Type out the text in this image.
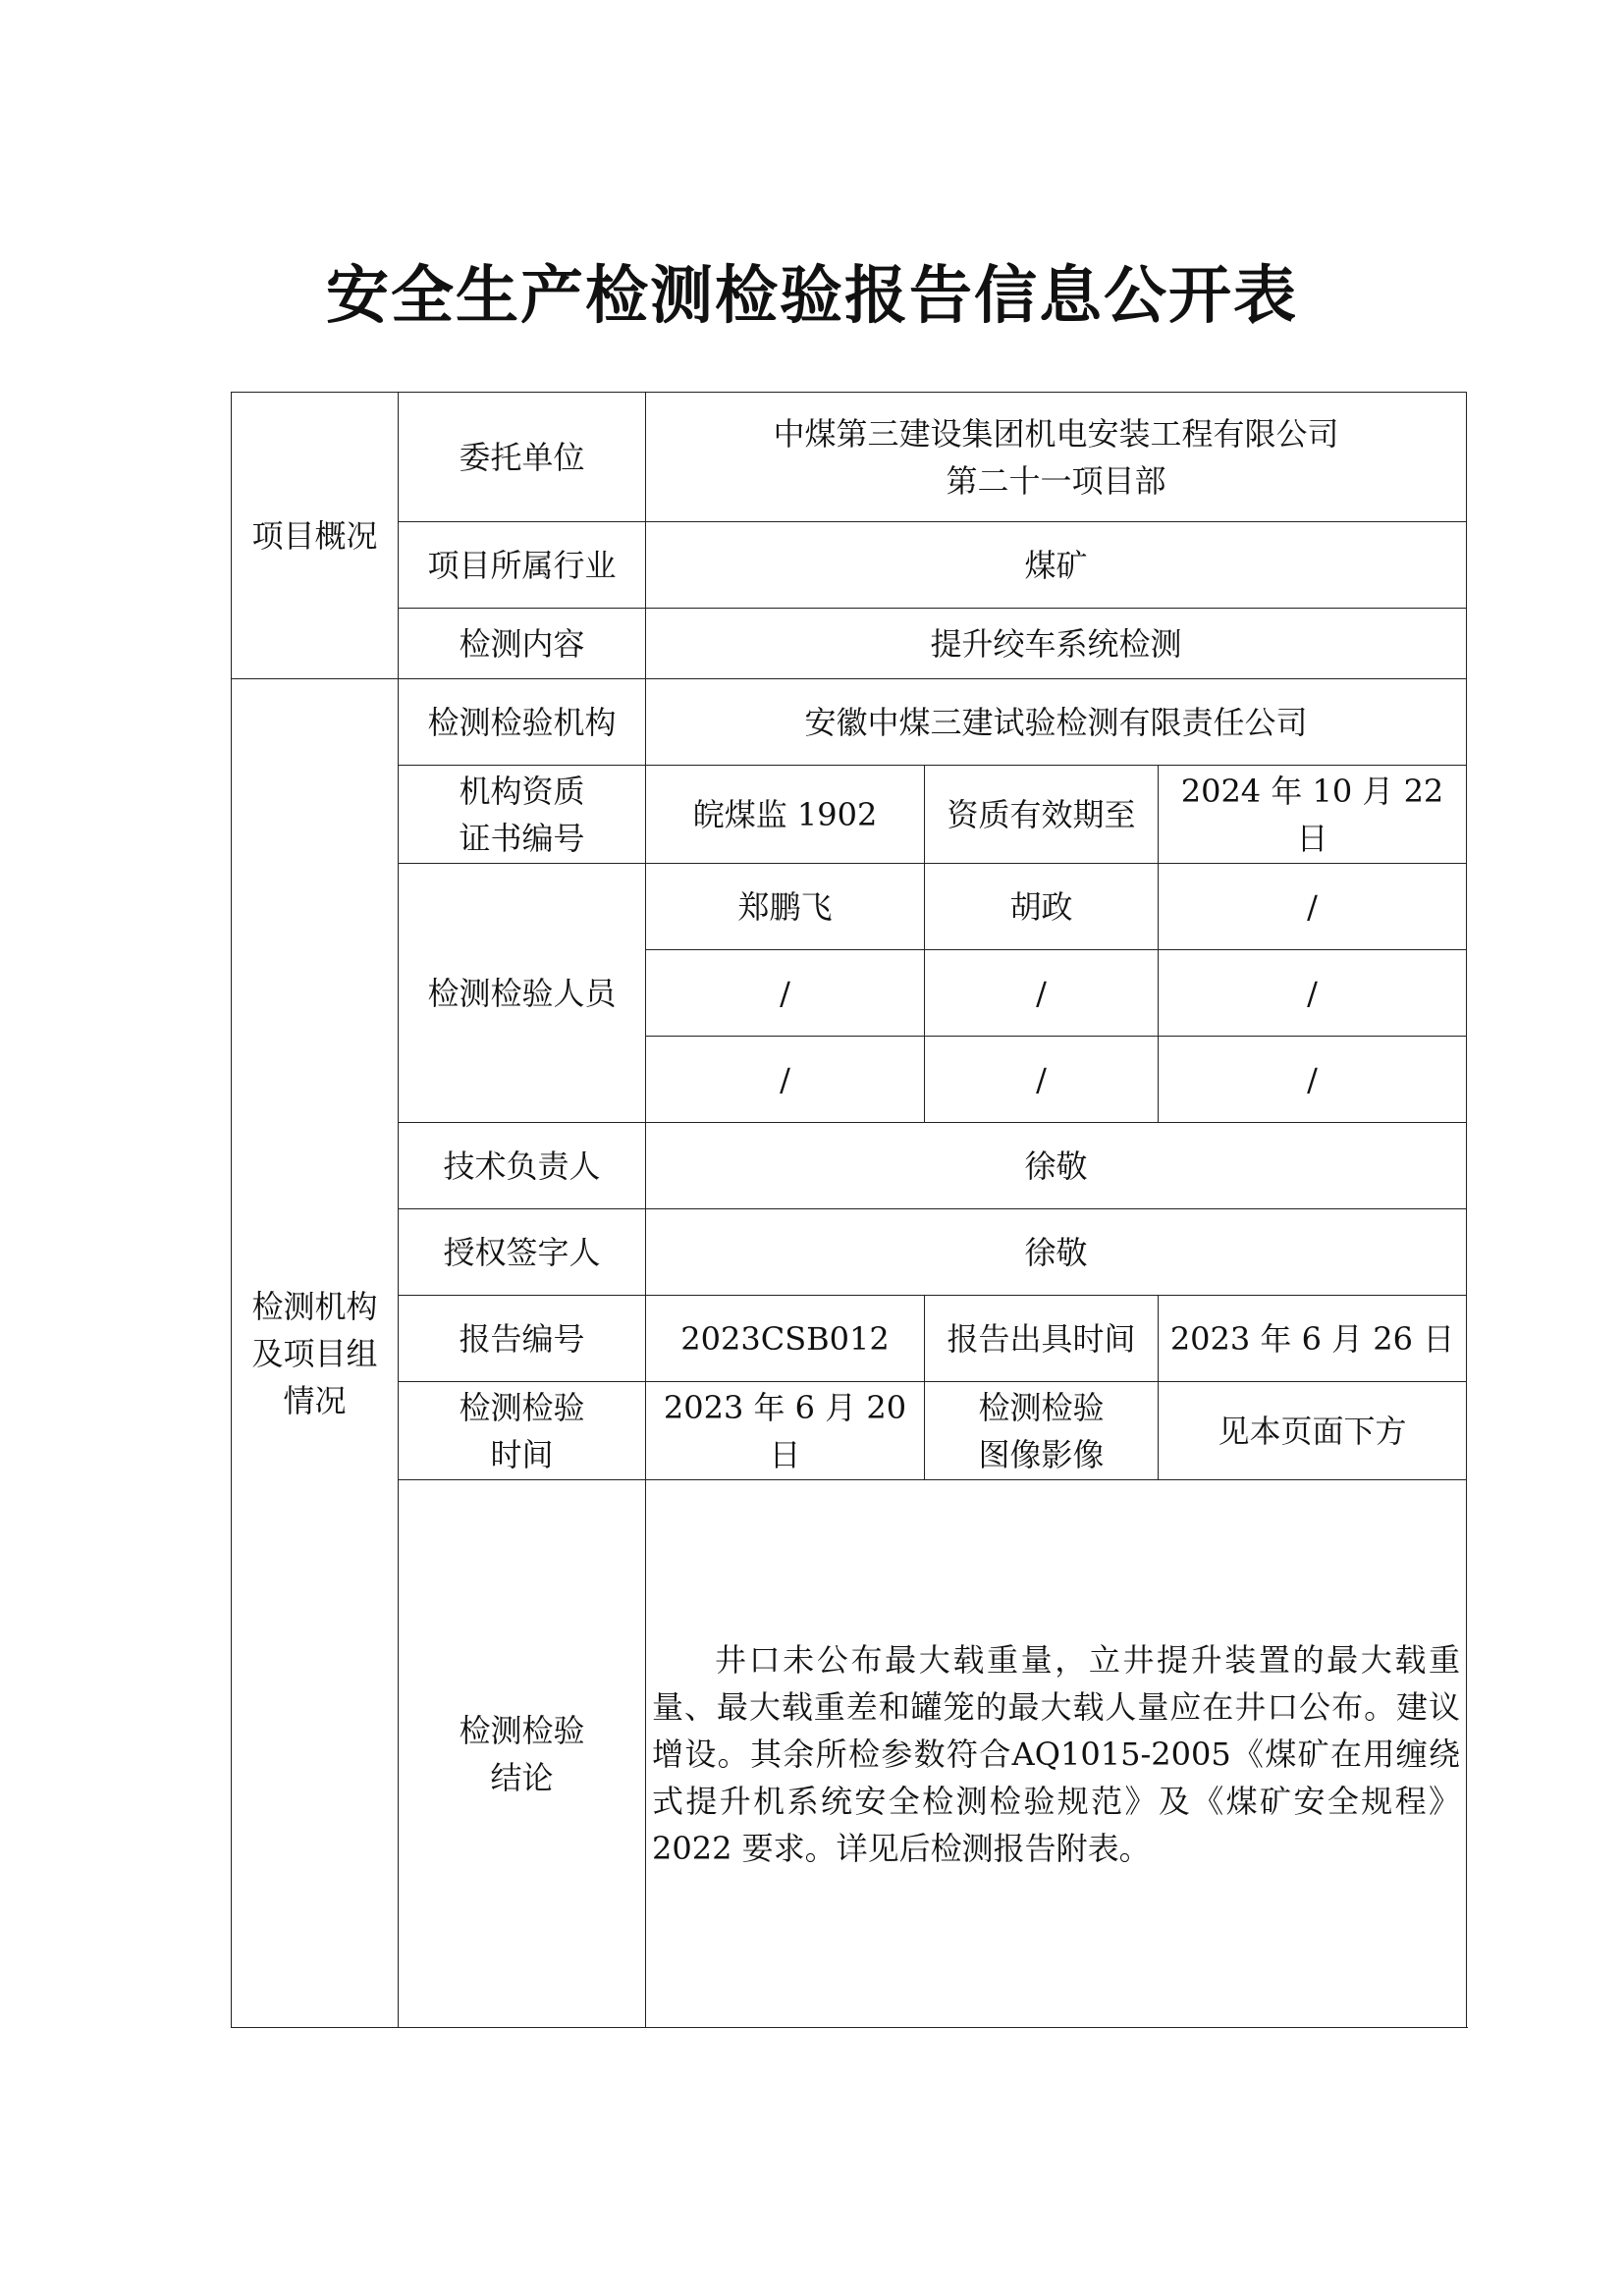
安全生产检测检验报告信息公开表
项目概况	委托单位	中煤第三建设集团机电安装工程有限公司
第二十一项目部		

	项目所属行业	煤矿		
	检测内容	提升绞车系统检测		

检测机构
及项目组
情况	检测检验机构	安徽中煤三建试验检测有限责任公司		

	机构资质
证书编号	皖煤监 1902	资质有效期至	2024 年 10 月 22 日
	检测检验人员	郑鹏飞	胡政	/
		/	/	/
		/	/	/
	技术负责人	徐敬		
	授权签字人	徐敬		
	报告编号	2023CSB012	报告出具时间	2023 年 6 月 26 日

	检测检验
时间	2023 年 6 月 20 日	检测检验
图像影像	见本页面下方

	检测检验
结论	井口未公布最大载重量，立井提升装置的最大载重量、最大载重差和罐笼的最大载人量应在井口公布。建议增设。其余所检参数符合AQ1015-2005《煤矿在用缠绕式提升机系统安全检测检验规范》及《煤矿安全规程》2022 要求。详见后检测报告附表。		
